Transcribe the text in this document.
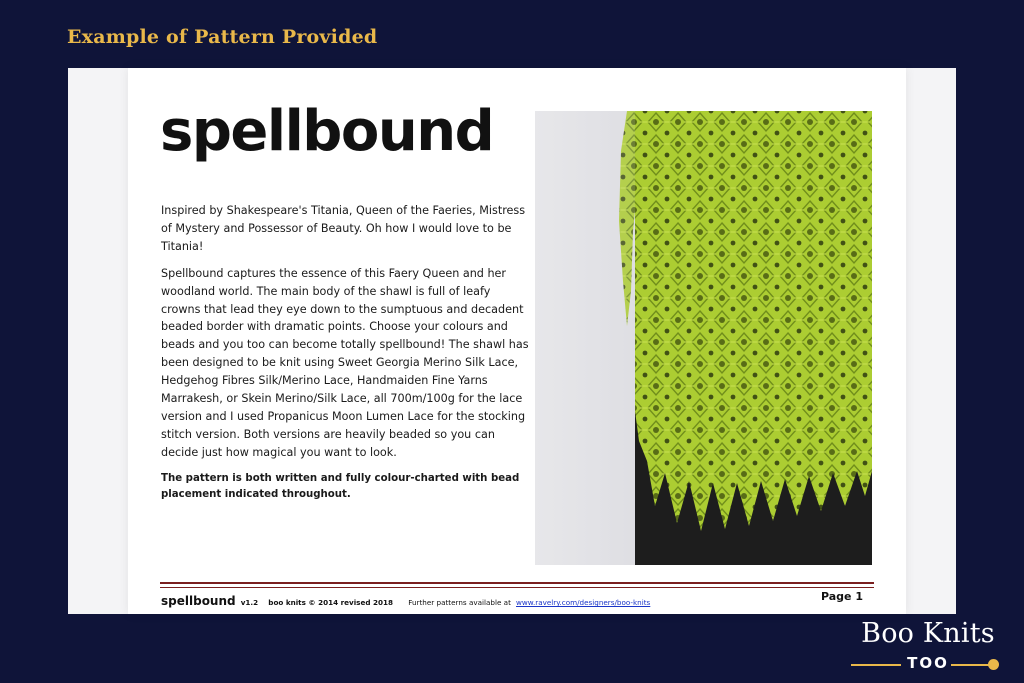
Example of Pattern Provided
spellbound

Inspired by Shakespeare's Titania, Queen of the Faeries, Mistress of Mystery and Possessor of Beauty. Oh how I would love to be Titania!

Spellbound captures the essence of this Faery Queen and her woodland world. The main body of the shawl is full of leafy crowns that lead they eye down to the sumptuous and decadent beaded border with dramatic points. Choose your colours and beads and you too can become totally spellbound! The shawl has been designed to be knit using Sweet Georgia Merino Silk Lace, Hedgehog Fibres Silk/Merino Lace, Handmaiden Fine Yarns Marrakesh, or Skein Merino/Silk Lace, all 700m/100g for the lace version and I used Propanicus Moon Lumen Lace for the stocking stitch version. Both versions are heavily beaded so you can decide just how magical you want to look.

The pattern is both written and fully colour-charted with bead placement indicated throughout.

spellbound v1.2 boo knits © 2014 revised 2018 Further patterns available at www.ravelry.com/designers/boo-knits	Page 1
Boo Knits
TOO
